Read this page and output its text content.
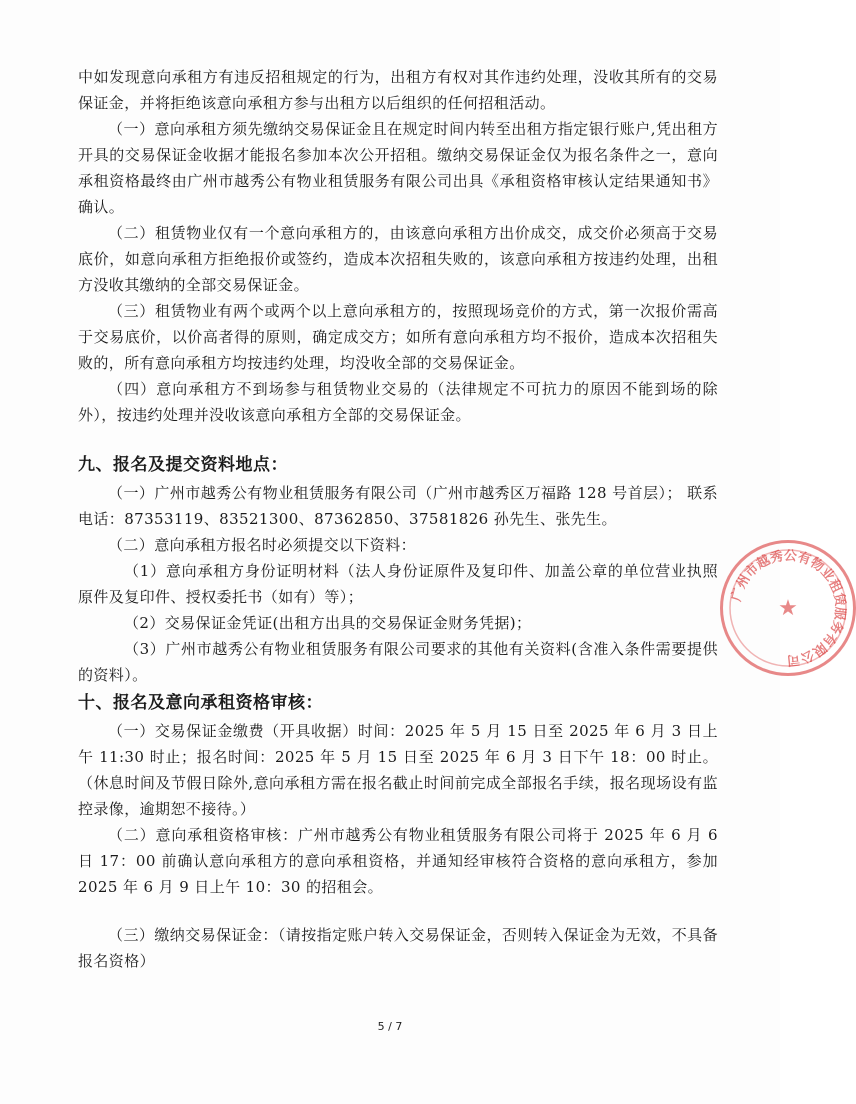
中如发现意向承租方有违反招租规定的行为，出租方有权对其作违约处理，没收其所有的交易保证金，并将拒绝该意向承租方参与出租方以后组织的任何招租活动。

（一）意向承租方须先缴纳交易保证金且在规定时间内转至出租方指定银行账户,凭出租方开具的交易保证金收据才能报名参加本次公开招租。缴纳交易保证金仅为报名条件之一，意向承租资格最终由广州市越秀公有物业租赁服务有限公司出具《承租资格审核认定结果通知书》确认。

（二）租赁物业仅有一个意向承租方的，由该意向承租方出价成交，成交价必须高于交易底价，如意向承租方拒绝报价或签约，造成本次招租失败的，该意向承租方按违约处理，出租方没收其缴纳的全部交易保证金。

（三）租赁物业有两个或两个以上意向承租方的，按照现场竞价的方式，第一次报价需高于交易底价，以价高者得的原则，确定成交方；如所有意向承租方均不报价，造成本次招租失败的，所有意向承租方均按违约处理，均没收全部的交易保证金。

（四）意向承租方不到场参与租赁物业交易的（法律规定不可抗力的原因不能到场的除外），按违约处理并没收该意向承租方全部的交易保证金。

九、报名及提交资料地点：

（一）广州市越秀公有物业租赁服务有限公司（广州市越秀区万福路 128 号首层）； 联系电话：87353119、83521300、87362850、37581826 孙先生、张先生。

（二）意向承租方报名时必须提交以下资料：

（1）意向承租方身份证明材料（法人身份证原件及复印件、加盖公章的单位营业执照原件及复印件、授权委托书（如有）等）；

（2）交易保证金凭证(出租方出具的交易保证金财务凭据)；

（3）广州市越秀公有物业租赁服务有限公司要求的其他有关资料(含准入条件需要提供的资料）。

十、报名及意向承租资格审核：

（一）交易保证金缴费（开具收据）时间：2025 年 5 月 15 日至 2025 年 6 月 3 日上午 11:30 时止；报名时间：2025 年 5 月 15 日至 2025 年 6 月 3 日下午 18：00 时止。（休息时间及节假日除外,意向承租方需在报名截止时间前完成全部报名手续，报名现场设有监控录像，逾期恕不接待。）

（二）意向承租资格审核：广州市越秀公有物业租赁服务有限公司将于 2025 年 6 月 6 日 17：00 前确认意向承租方的意向承租资格，并通知经审核符合资格的意向承租方，参加 2025 年 6 月 9 日上午 10：30 的招租会。

（三）缴纳交易保证金：（请按指定账户转入交易保证金，否则转入保证金为无效，不具备报名资格）

5 / 7
广州市越秀公有物业租赁服务有限公司
★
